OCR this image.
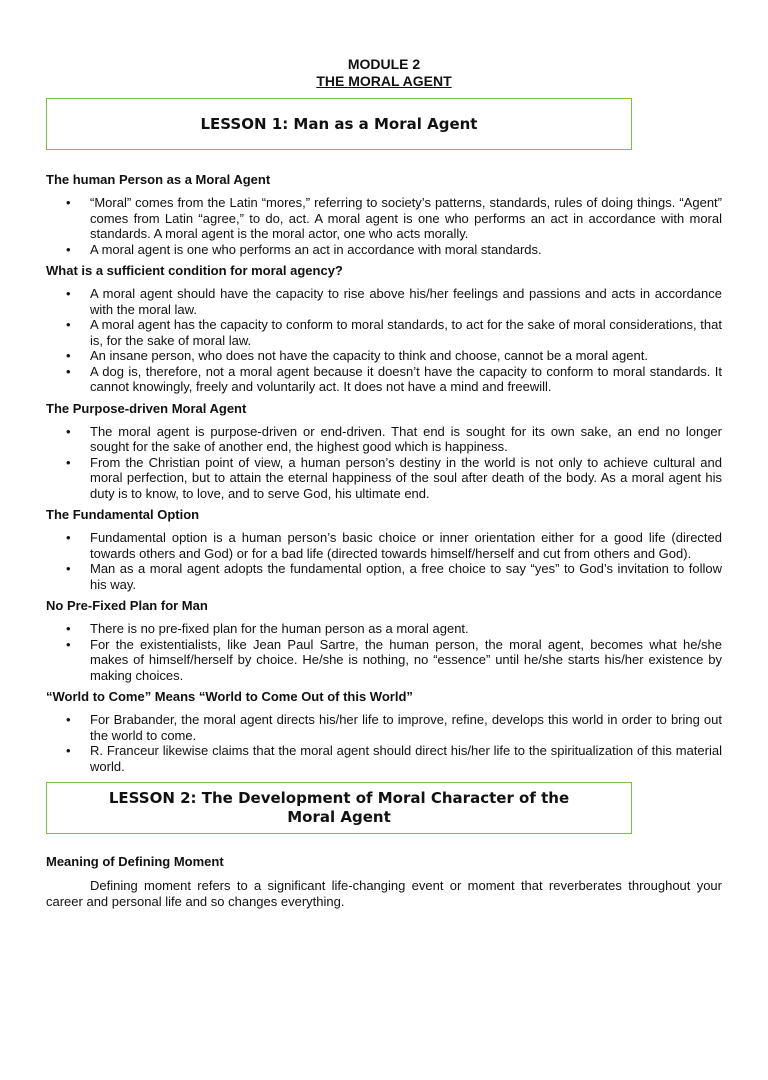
MODULE 2
THE MORAL AGENT
LESSON 1: Man as a Moral Agent

The human Person as a Moral Agent

• “Moral” comes from the Latin “mores,” referring to society’s patterns, standards, rules of doing things. “Agent” comes from Latin “agree,” to do, act. A moral agent is one who performs an act in accordance with moral standards. A moral agent is the moral actor, one who acts morally.
• A moral agent is one who performs an act in accordance with moral standards.

What is a sufficient condition for moral agency?

• A moral agent should have the capacity to rise above his/her feelings and passions and acts in accordance with the moral law.
• A moral agent has the capacity to conform to moral standards, to act for the sake of moral considerations, that is, for the sake of moral law.
• An insane person, who does not have the capacity to think and choose, cannot be a moral agent.
• A dog is, therefore, not a moral agent because it doesn’t have the capacity to conform to moral standards. It cannot knowingly, freely and voluntarily act. It does not have a mind and freewill.

The Purpose-driven Moral Agent

• The moral agent is purpose-driven or end-driven. That end is sought for its own sake, an end no longer sought for the sake of another end, the highest good which is happiness.
• From the Christian point of view, a human person’s destiny in the world is not only to achieve cultural and moral perfection, but to attain the eternal happiness of the soul after death of the body. As a moral agent his duty is to know, to love, and to serve God, his ultimate end.

The Fundamental Option

• Fundamental option is a human person’s basic choice or inner orientation either for a good life (directed towards others and God) or for a bad life (directed towards himself/herself and cut from others and God).
• Man as a moral agent adopts the fundamental option, a free choice to say “yes” to God’s invitation to follow his way.

No Pre-Fixed Plan for Man

• There is no pre-fixed plan for the human person as a moral agent.
• For the existentialists, like Jean Paul Sartre, the human person, the moral agent, becomes what he/she makes of himself/herself by choice. He/she is nothing, no “essence” until he/she starts his/her existence by making choices.

“World to Come” Means “World to Come Out of this World”

• For Brabander, the moral agent directs his/her life to improve, refine, develops this world in order to bring out the world to come.
• R. Franceur likewise claims that the moral agent should direct his/her life to the spiritualization of this material world.
LESSON 2: The Development of Moral Character of the
Moral Agent

Meaning of Defining Moment

Defining moment refers to a significant life-changing event or moment that reverberates throughout your career and personal life and so changes everything.
